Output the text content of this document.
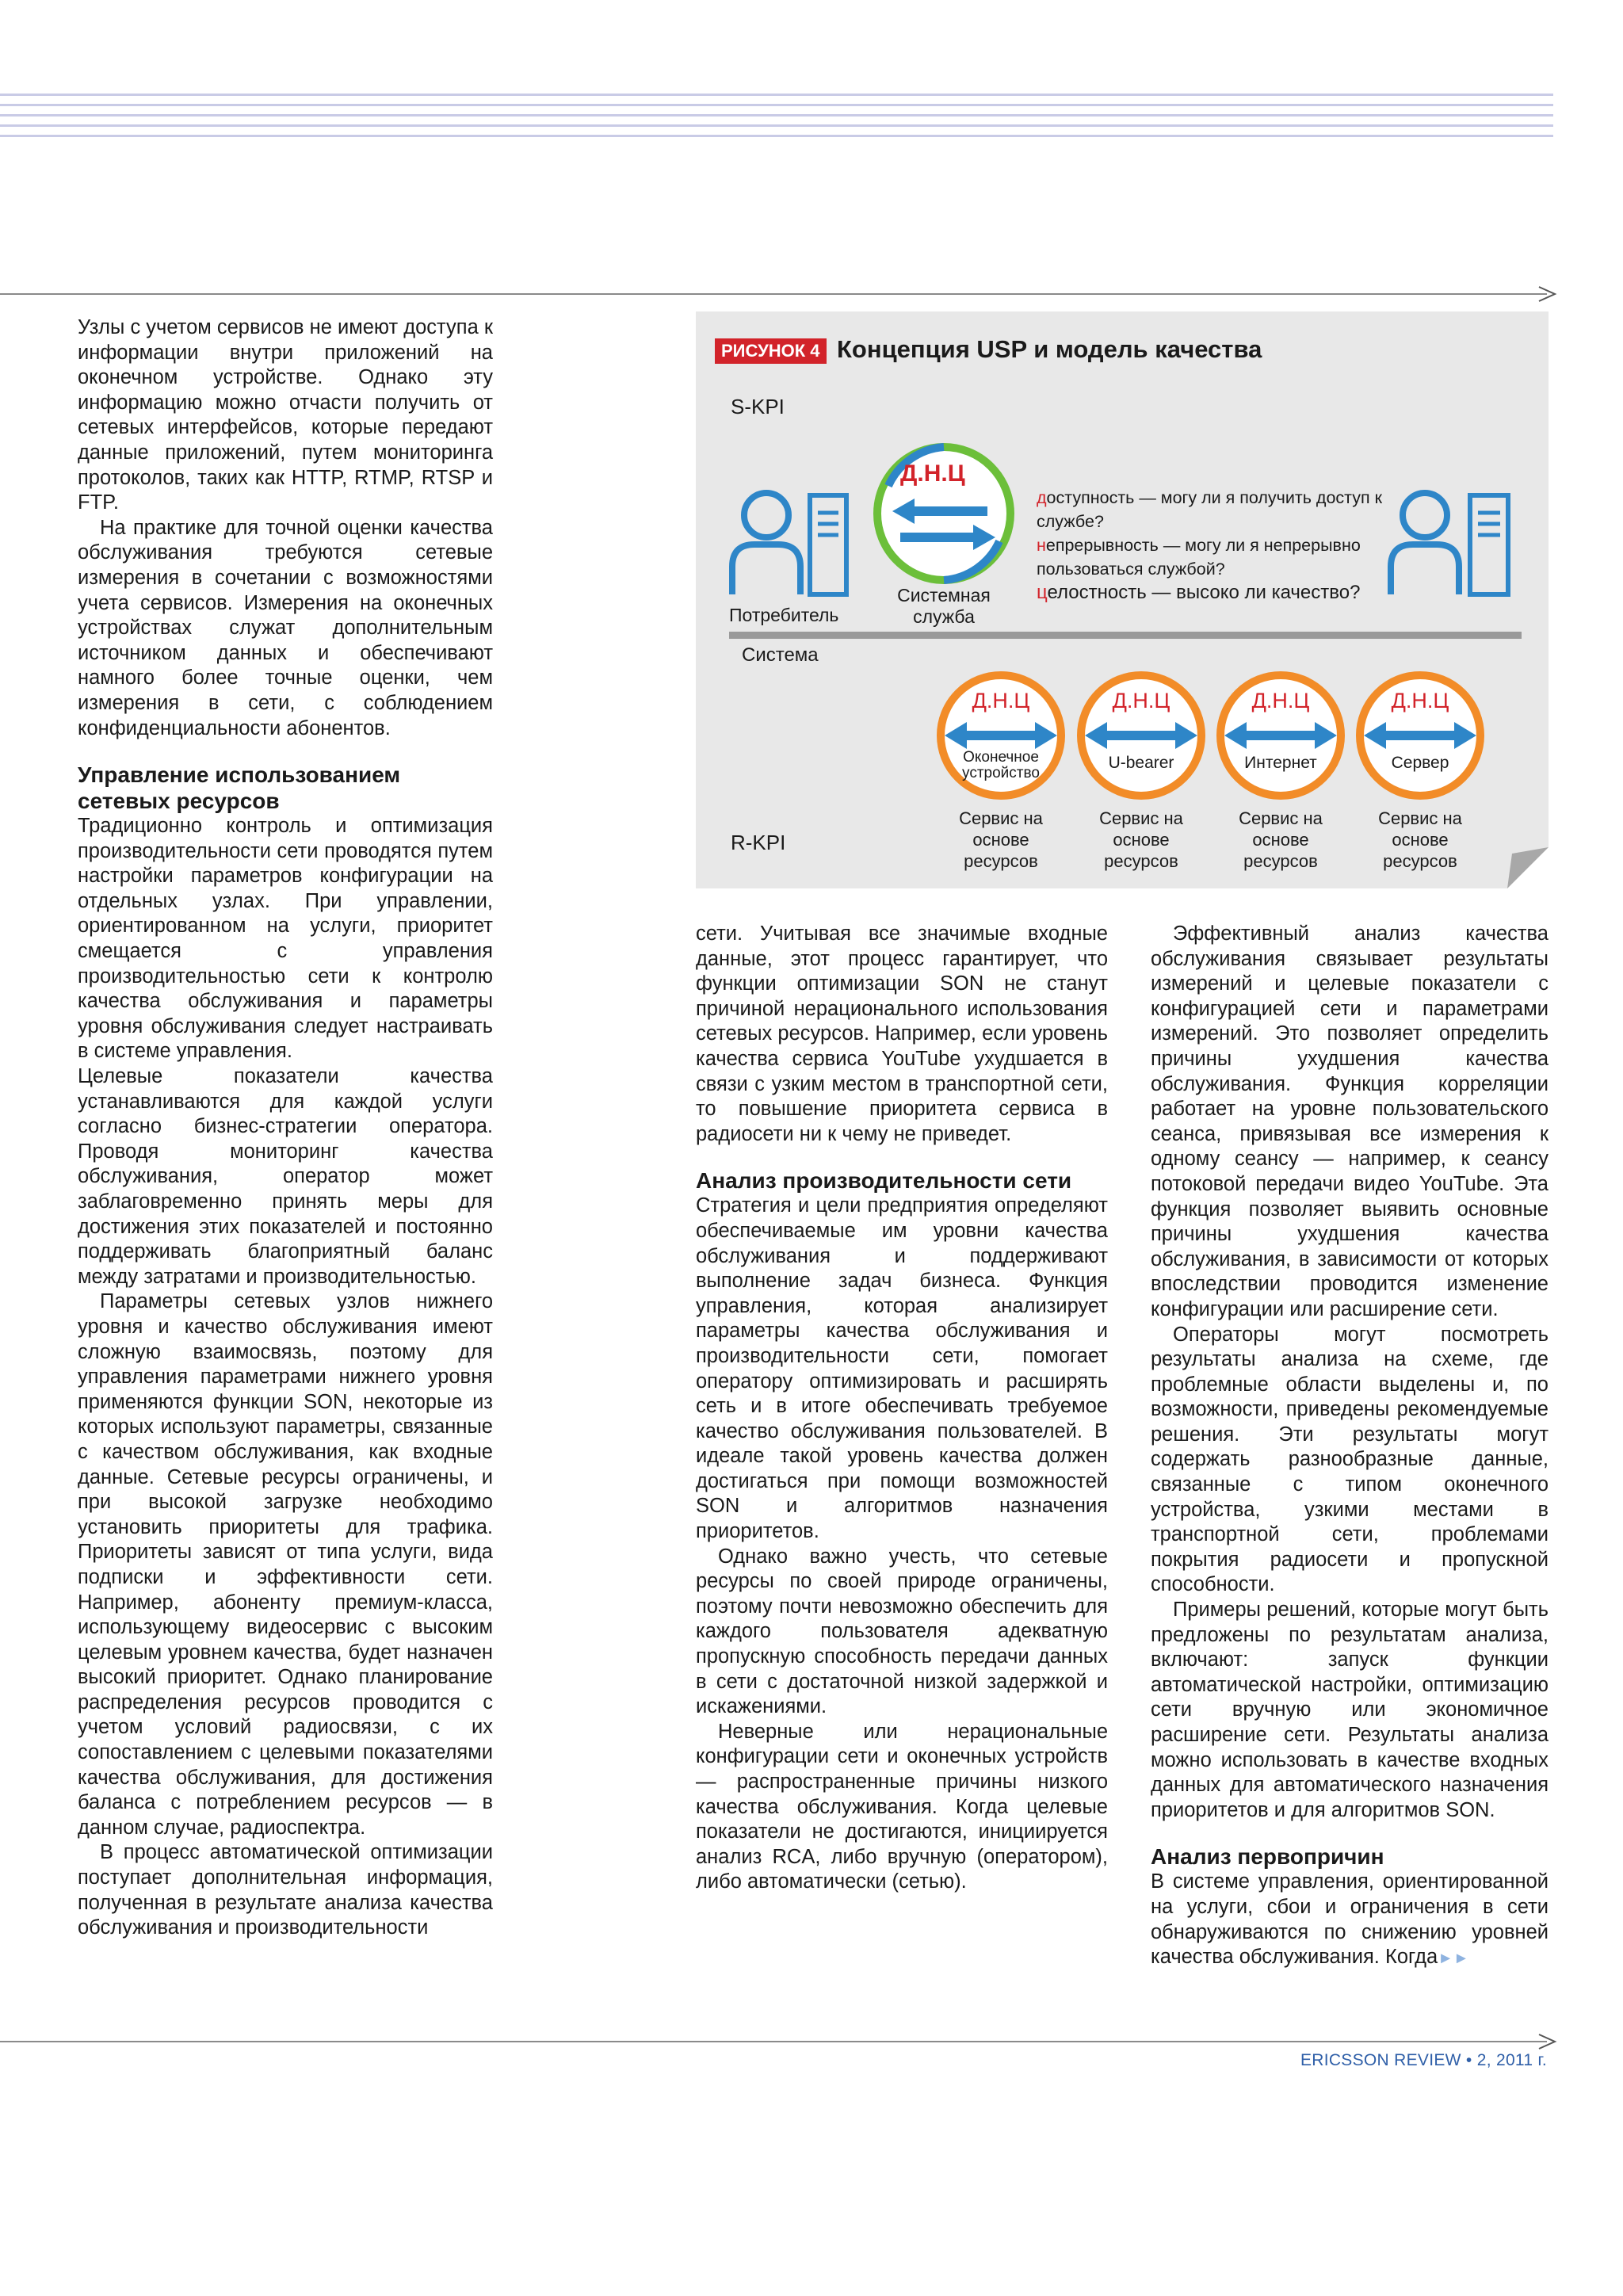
Узлы с учетом сервисов не имеют доступа к информации внутри приложений на оконечном устройстве. Однако эту информацию можно отчасти получить от сетевых интерфейсов, которые передают данные приложений, путем мониторинга протоколов, таких как HTTP, RTMP, RTSP и FTP.

На практике для точной оценки качества обслуживания требуются сетевые измерения в сочетании с возможностями учета сервисов. Измерения на оконечных устройствах служат дополнительным источником данных и обеспечивают намного более точные оценки, чем измерения в сети, с соблюдением конфиденциальности абонентов.

Управление использованием сетевых ресурсов

Традиционно контроль и оптимизация производительности сети проводятся путем настройки параметров конфигурации на отдельных узлах. При управлении, ориентированном на услуги, приоритет смещается с управления производительностью сети к контролю качества обслуживания и параметры уровня обслуживания следует настраивать в системе управления.

Целевые показатели качества устанавливаются для каждой услуги согласно бизнес-стратегии оператора. Проводя мониторинг качества обслуживания, оператор может заблаговременно принять меры для достижения этих показателей и постоянно поддерживать благоприятный баланс между затратами и производительностью.

Параметры сетевых узлов нижнего уровня и качество обслуживания имеют сложную взаимосвязь, поэтому для управления параметрами нижнего уровня применяются функции SON, некоторые из которых используют параметры, связанные с качеством обслуживания, как входные данные. Сетевые ресурсы ограничены, и при высокой загрузке необходимо установить приоритеты для трафика. Приоритеты зависят от типа услуги, вида подписки и эффективности сети. Например, абоненту премиум-класса, использующему видеосервис с высоким целевым уровнем качества, будет назначен высокий приоритет. Однако планирование распределения ресурсов проводится с учетом условий радиосвязи, с их сопоставлением с целевыми показателями качества обслуживания, для достижения баланса с потреблением ресурсов — в данном случае, радиоспектра.

В процесс автоматической оптимизации поступает дополнительная информация, полученная в результате анализа качества обслуживания и производительности

РИСУНОК 4 Концепция USP и модель качества
S-KPI
R-KPI
Потребитель
Д.Н.Ц
Системная служба
доступность — могу ли я получить доступ к службе?
непрерывность — могу ли я непрерывно пользоваться службой?
целостность — высоко ли качество?
Система
Д.Н.Ц
Оконечное устройство
Сервис на основе ресурсов
Д.Н.Ц
U-bearer
Сервис на основе ресурсов
Д.Н.Ц
Интернет
Сервис на основе ресурсов
Д.Н.Ц
Сервер
Сервис на основе ресурсов

сети. Учитывая все значимые входные данные, этот процесс гарантирует, что функции оптимизации SON не станут причиной нерационального использования сетевых ресурсов. Например, если уровень качества сервиса YouTube ухудшается в связи с узким местом в транспортной сети, то повышение приоритета сервиса в радиосети ни к чему не приведет.

Анализ производительности сети

Стратегия и цели предприятия определяют обеспечиваемые им уровни качества обслуживания и поддерживают выполнение задач бизнеса. Функция управления, которая анализирует параметры качества обслуживания и производительности сети, помогает оператору оптимизировать и расширять сеть и в итоге обеспечивать требуемое качество обслуживания пользователей. В идеале такой уровень качества должен достигаться при помощи возможностей SON и алгоритмов назначения приоритетов.

Однако важно учесть, что сетевые ресурсы по своей природе ограничены, поэтому почти невозможно обеспечить для каждого пользователя адекватную пропускную способность передачи данных в сети с достаточной низкой задержкой и искажениями.

Неверные или нерациональные конфигурации сети и оконечных устройств — распространенные причины низкого качества обслуживания. Когда целевые показатели не достигаются, инициируется анализ RCA, либо вручную (оператором), либо автоматически (сетью).

Эффективный анализ качества обслуживания связывает результаты измерений и целевые показатели с конфигурацией сети и параметрами измерений. Это позволяет определить причины ухудшения качества обслуживания. Функция корреляции работает на уровне пользовательского сеанса, привязывая все измерения к одному сеансу — например, к сеансу потоковой передачи видео YouTube. Эта функция позволяет выявить основные причины ухудшения качества обслуживания, в зависимости от которых впоследствии проводится изменение конфигурации или расширение сети.

Операторы могут посмотреть результаты анализа на схеме, где проблемные области выделены и, по возможности, приведены рекомендуемые решения. Эти результаты могут содержать разнообразные данные, связанные с типом оконечного устройства, узкими местами в транспортной сети, проблемами покрытия радиосети и пропускной способности.

Примеры решений, которые могут быть предложены по результатам анализа, включают: запуск функции автоматической настройки, оптимизацию сети вручную или экономичное расширение сети. Результаты анализа можно использовать в качестве входных данных для автоматического назначения приоритетов и для алгоритмов SON.

Анализ первопричин

В системе управления, ориентированной на услуги, сбои и ограничения в сети обнаруживаются по снижению уровней качества обслуживания. Когда►►

ERICSSON REVIEW • 2, 2011 г.
